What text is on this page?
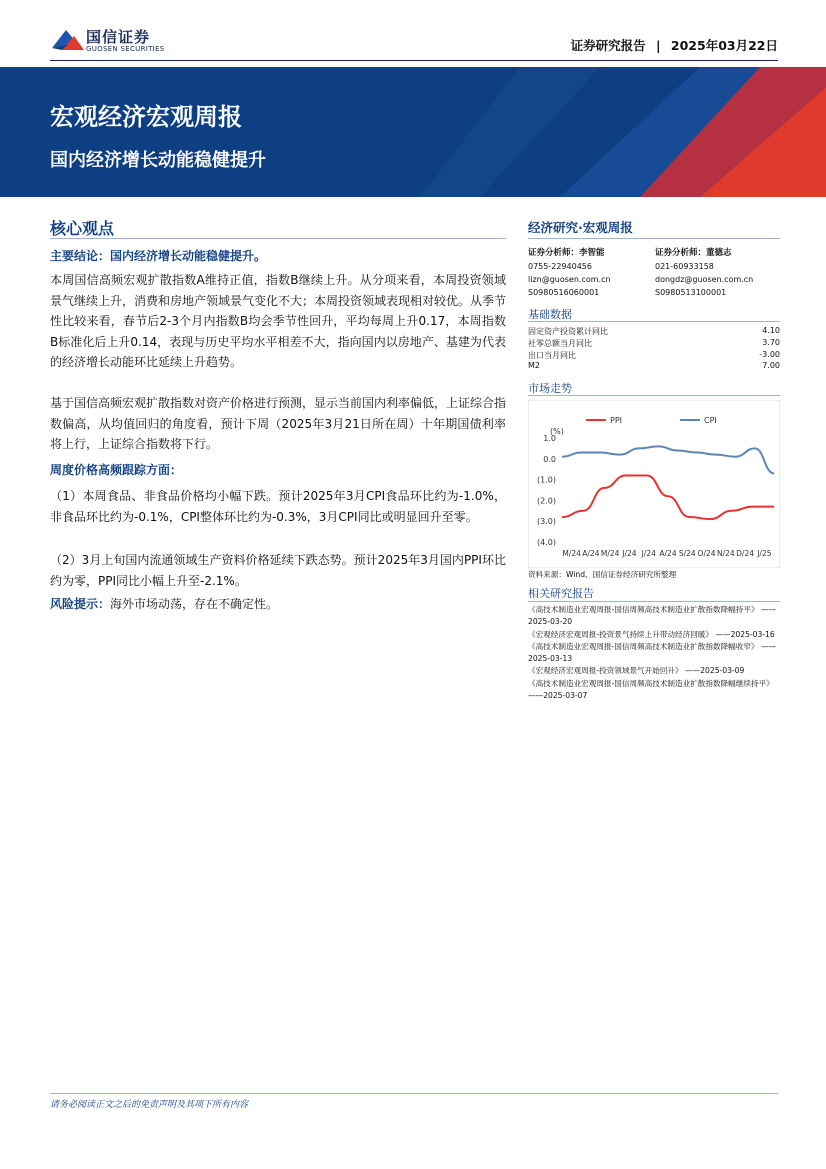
国信证券
GUOSEN SECURITIES	证券研究报告 | 2025年03月22日
宏观经济宏观周报
国内经济增长动能稳健提升
核心观点
主要结论：国内经济增长动能稳健提升。
本周国信高频宏观扩散指数A维持正值，指数B继续上升。从分项来看，本周投资领域景气继续上升，消费和房地产领域景气变化不大；本周投资领域表现相对较优。从季节性比较来看，春节后2-3个月内指数B均会季节性回升，平均每周上升0.17，本周指数B标准化后上升0.14，表现与历史平均水平相差不大，指向国内以房地产、基建为代表的经济增长动能环比延续上升趋势。
基于国信高频宏观扩散指数对资产价格进行预测，显示当前国内利率偏低，上证综合指数偏高，从均值回归的角度看，预计下周（2025年3月21日所在周）十年期国债利率将上行，上证综合指数将下行。
周度价格高频跟踪方面：
（1）本周食品、非食品价格均小幅下跌。预计2025年3月CPI食品环比约为-1.0%，非食品环比约为-0.1%，CPI整体环比约为-0.3%，3月CPI同比或明显回升至零。
（2）3月上旬国内流通领域生产资料价格延续下跌态势。预计2025年3月国内PPI环比约为零，PPI同比小幅上升至-2.1%。
风险提示：海外市场动荡，存在不确定性。
经济研究·宏观周报
证券分析师：李智能
0755-22940456
lizn@guosen.com.cn
S0980516060001
证券分析师：董德志
021-60933158
dongdz@guosen.com.cn
S0980513100001
基础数据
固定资产投资累计同比	4.10
社零总额当月同比	3.70
出口当月同比	-3.00
M2	7.00
市场走势
(%)
1.0
0.0
(1.0)
(2.0)
(3.0)
(4.0)
M/24 A/24 M/24 J/24 J/24 A/24 S/24 O/24 N/24 D/24 J/25
PPI	CPI
资料来源：Wind、国信证券经济研究所整理
相关研究报告
《高技术制造业宏观周报-国信周频高技术制造业扩散指数降幅持平》 ——2025-03-20
《宏观经济宏观周报-投资景气持续上升带动经济回暖》 ——2025-03-16
《高技术制造业宏观周报-国信周频高技术制造业扩散指数降幅收窄》 ——2025-03-13
《宏观经济宏观周报-投资领域景气开始回升》 ——2025-03-09
《高技术制造业宏观周报-国信周频高技术制造业扩散指数降幅继续持平》 ——2025-03-07
请务必阅读正文之后的免责声明及其项下所有内容
